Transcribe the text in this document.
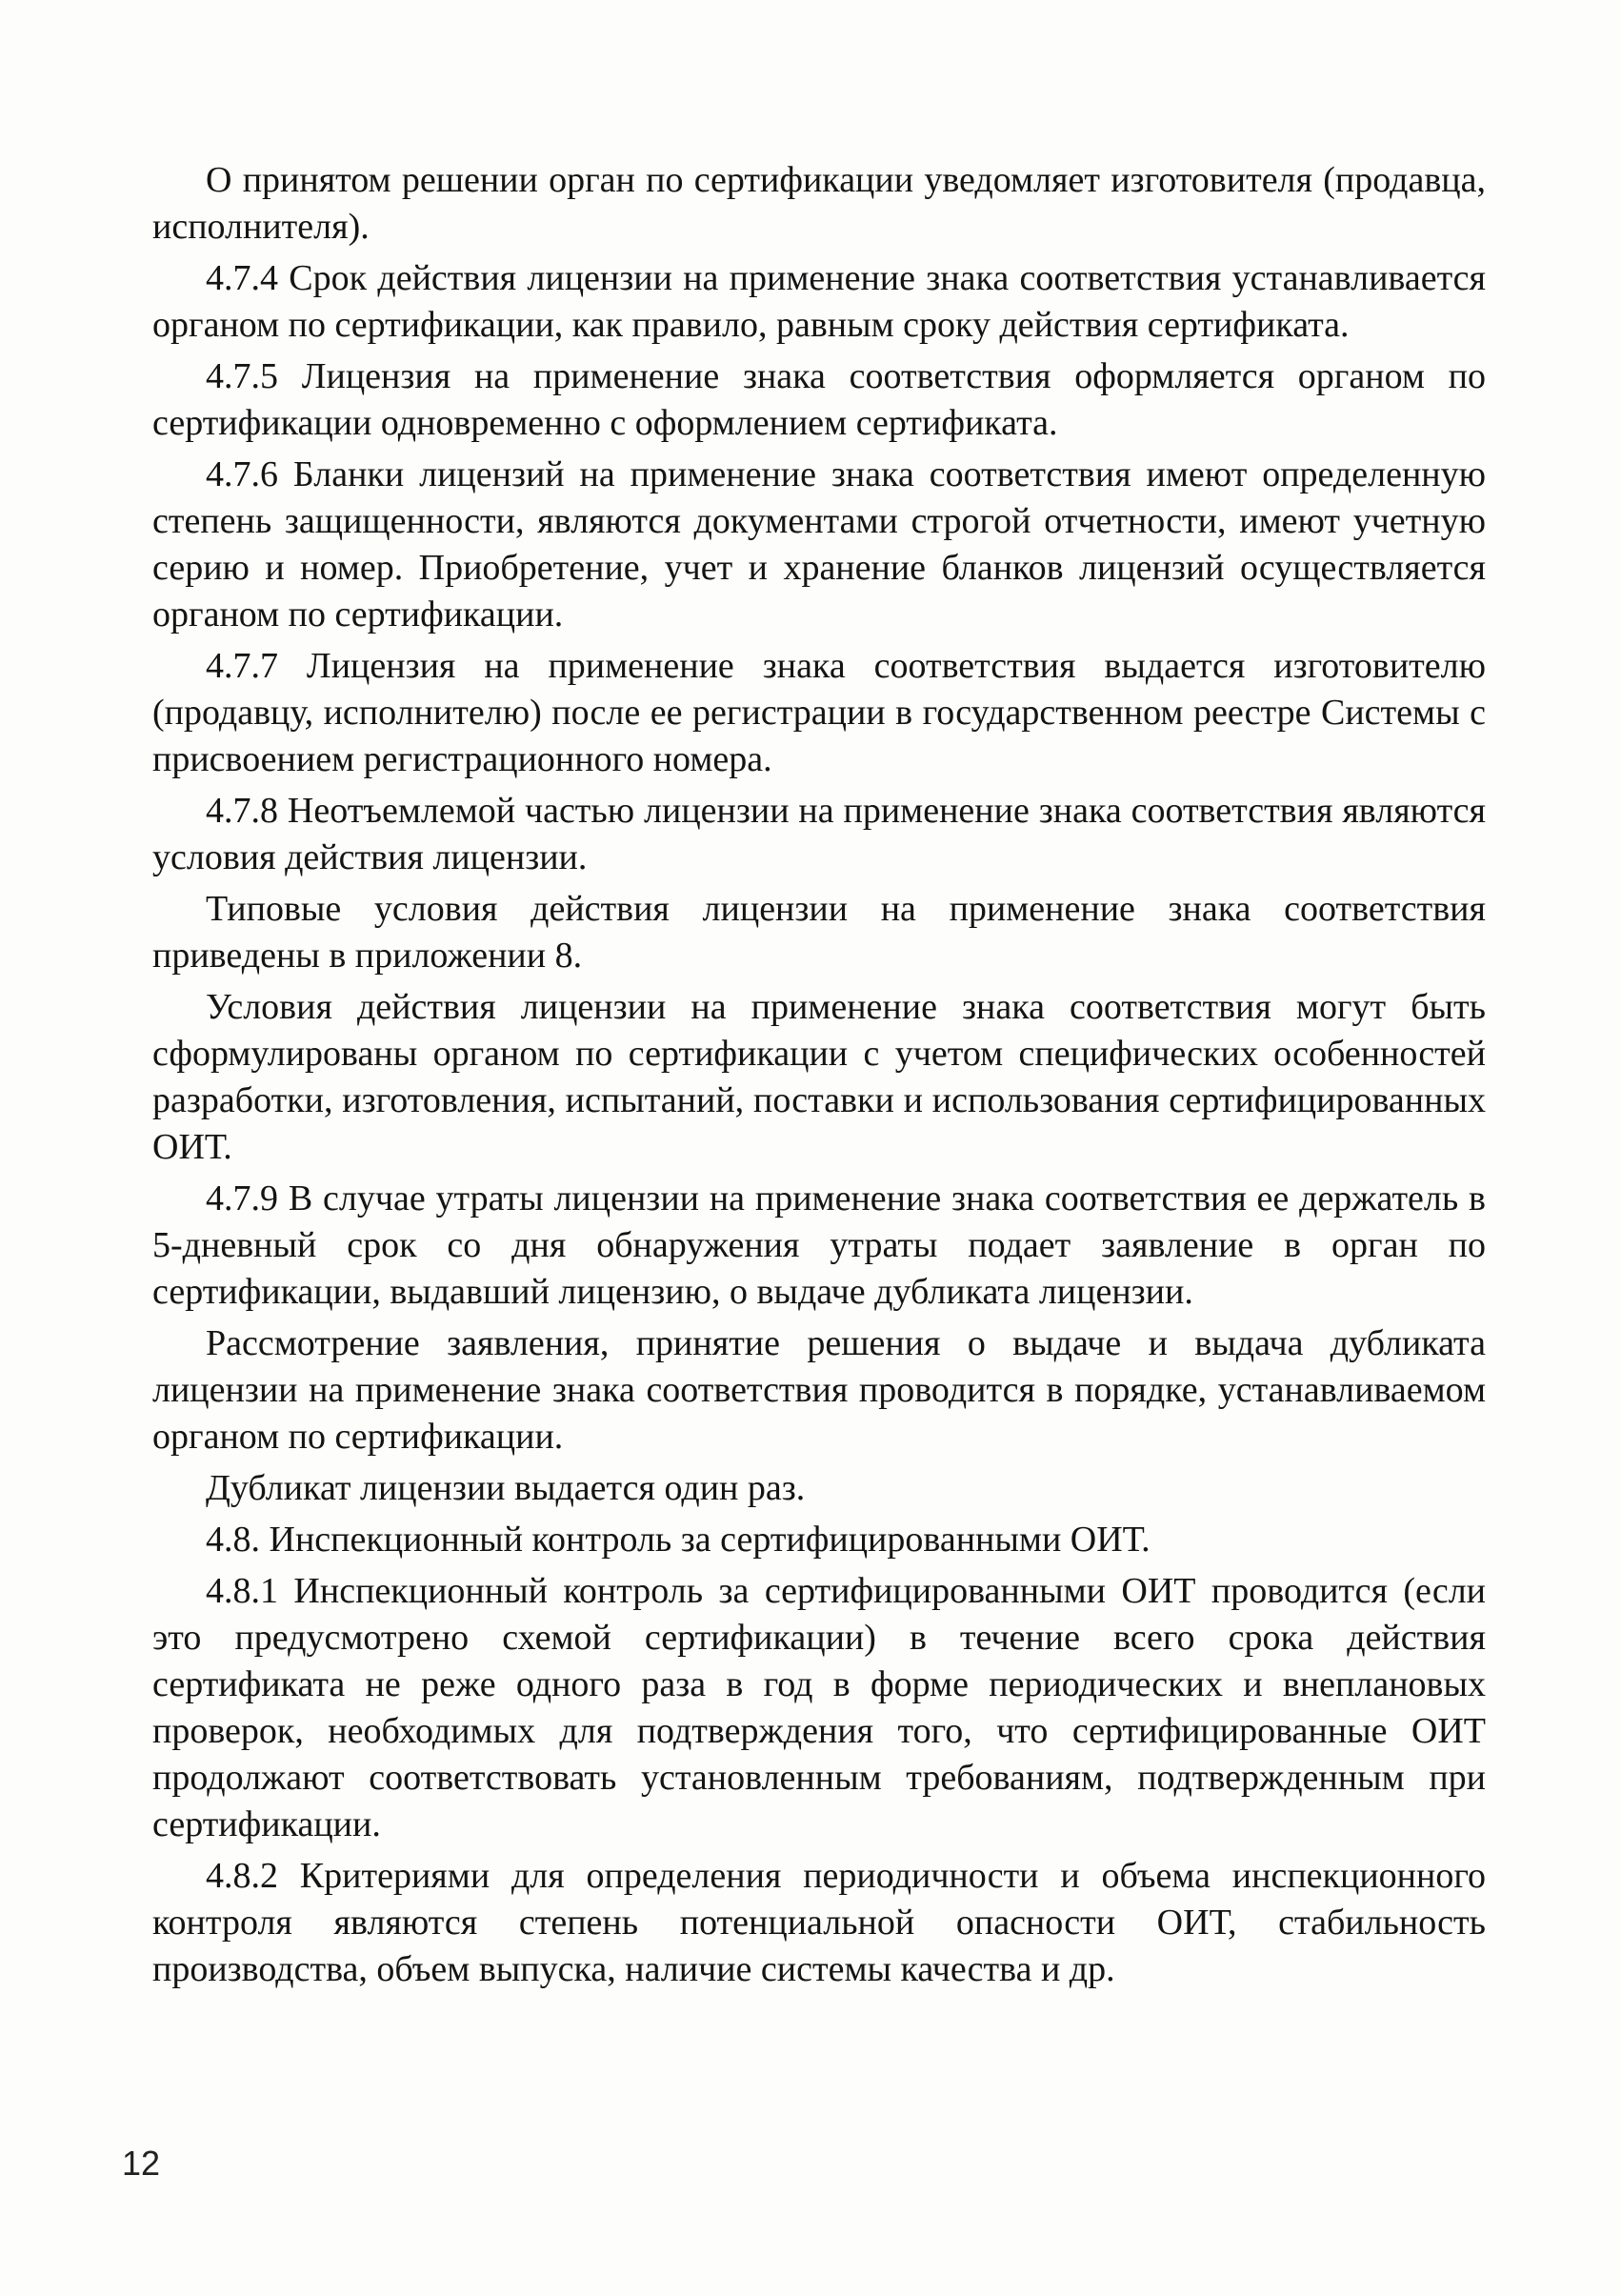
О принятом решении орган по сертификации уведомляет изготовителя (продавца, исполнителя).

4.7.4 Срок действия лицензии на применение знака соответствия устанавливается органом по сертификации, как правило, равным сроку действия сертификата.

4.7.5 Лицензия на применение знака соответствия оформляется органом по сертификации одновременно с оформлением сертификата.

4.7.6 Бланки лицензий на применение знака соответствия имеют определенную степень защищенности, являются документами строгой отчетности, имеют учетную серию и номер. Приобретение, учет и хранение бланков лицензий осуществляется органом по сертификации.

4.7.7 Лицензия на применение знака соответствия выдается изготовителю (продавцу, исполнителю) после ее регистрации в государственном реестре Системы с присвоением регистрационного номера.

4.7.8 Неотъемлемой частью лицензии на применение знака соответствия являются условия действия лицензии.

Типовые условия действия лицензии на применение знака соответствия приведены в приложении 8.

Условия действия лицензии на применение знака соответствия могут быть сформулированы органом по сертификации с учетом специфических особенностей разработки, изготовления, испытаний, поставки и использования сертифицированных ОИТ.

4.7.9 В случае утраты лицензии на применение знака соответствия ее держатель в 5-дневный срок со дня обнаружения утраты подает заявление в орган по сертификации, выдавший лицензию, о выдаче дубликата лицензии.

Рассмотрение заявления, принятие решения о выдаче и выдача дубликата лицензии на применение знака соответствия проводится в порядке, устанавливаемом органом по сертификации.

Дубликат лицензии выдается один раз.

4.8. Инспекционный контроль за сертифицированными ОИТ.

4.8.1 Инспекционный контроль за сертифицированными ОИТ проводится (если это предусмотрено схемой сертификации) в течение всего срока действия сертификата не реже одного раза в год в форме периодических и внеплановых проверок, необходимых для подтверждения того, что сертифицированные ОИТ продолжают соответствовать установленным требованиям, подтвержденным при сертификации.

4.8.2 Критериями для определения периодичности и объема инспекционного контроля являются степень потенциальной опасности ОИТ, стабильность производства, объем выпуска, наличие системы качества и др.

12
